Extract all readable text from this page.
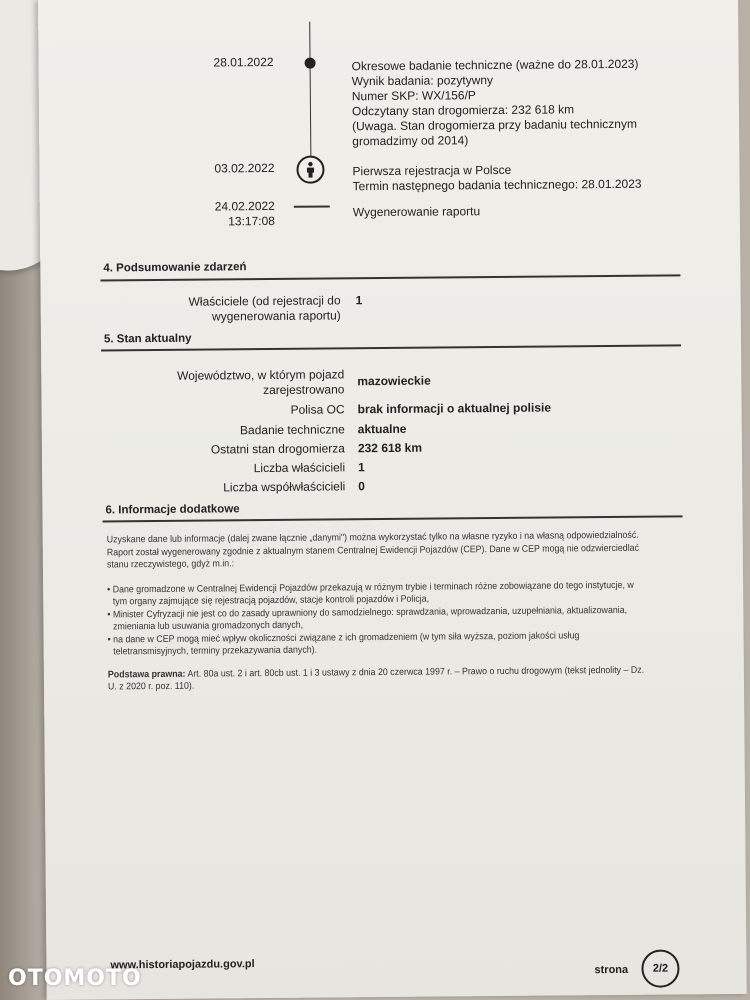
28.01.2022	Okresowe badanie techniczne (ważne do 28.01.2023)
Wynik badania: pozytywny
Numer SKP: WX/156/P
Odczytany stan drogomierza: 232 618 km
(Uwaga. Stan drogomierza przy badaniu technicznym
gromadzimy od 2014)
03.02.2022	Pierwsza rejestracja w Polsce
Termin następnego badania technicznego: 28.01.2023
24.02.2022
13:17:08
Wygenerowanie raportu
4. Podsumowanie zdarzeń
Właściciele (od rejestracji do
wygenerowania raportu)
1
5. Stan aktualny
Województwo, w którym pojazd
zarejestrowano
mazowieckie
Polisa OC brak informacji o aktualnej polisie
Badanie techniczne aktualne
Ostatni stan drogomierza 232 618 km
Liczba właścicieli 1
Liczba współwłaścicieli 0
6. Informacje dodatkowe
Uzyskane dane lub informacje (dalej zwane łącznie „danymi") można wykorzystać tylko na własne ryzyko i na własną odpowiedzialność.
Raport został wygenerowany zgodnie z aktualnym stanem Centralnej Ewidencji Pojazdów (CEP). Dane w CEP mogą nie odzwierciedlać
stanu rzeczywistego, gdyż m.in.:
• Dane gromadzone w Centralnej Ewidencji Pojazdów przekazują w różnym trybie i terminach różne zobowiązane do tego instytucje, w
tym organy zajmujące się rejestracją pojazdów, stacje kontroli pojazdów i Policja,
• Minister Cyfryzacji nie jest co do zasady uprawniony do samodzielnego: sprawdzania, wprowadzania, uzupełniania, aktualizowania,
zmieniania lub usuwania gromadzonych danych,
• na dane w CEP mogą mieć wpływ okoliczności związane z ich gromadzeniem (w tym siła wyższa, poziom jakości usług
teletransmisyjnych, terminy przekazywania danych).
Podstawa prawna: Art. 80a ust. 2 i art. 80cb ust. 1 i 3 ustawy z dnia 20 czerwca 1997 r. – Prawo o ruchu drogowym (tekst jednolity – Dz.
U. z 2020 r. poz. 110).
www.historiapojazdu.gov.pl	strona	2/2
OTOMOTO
